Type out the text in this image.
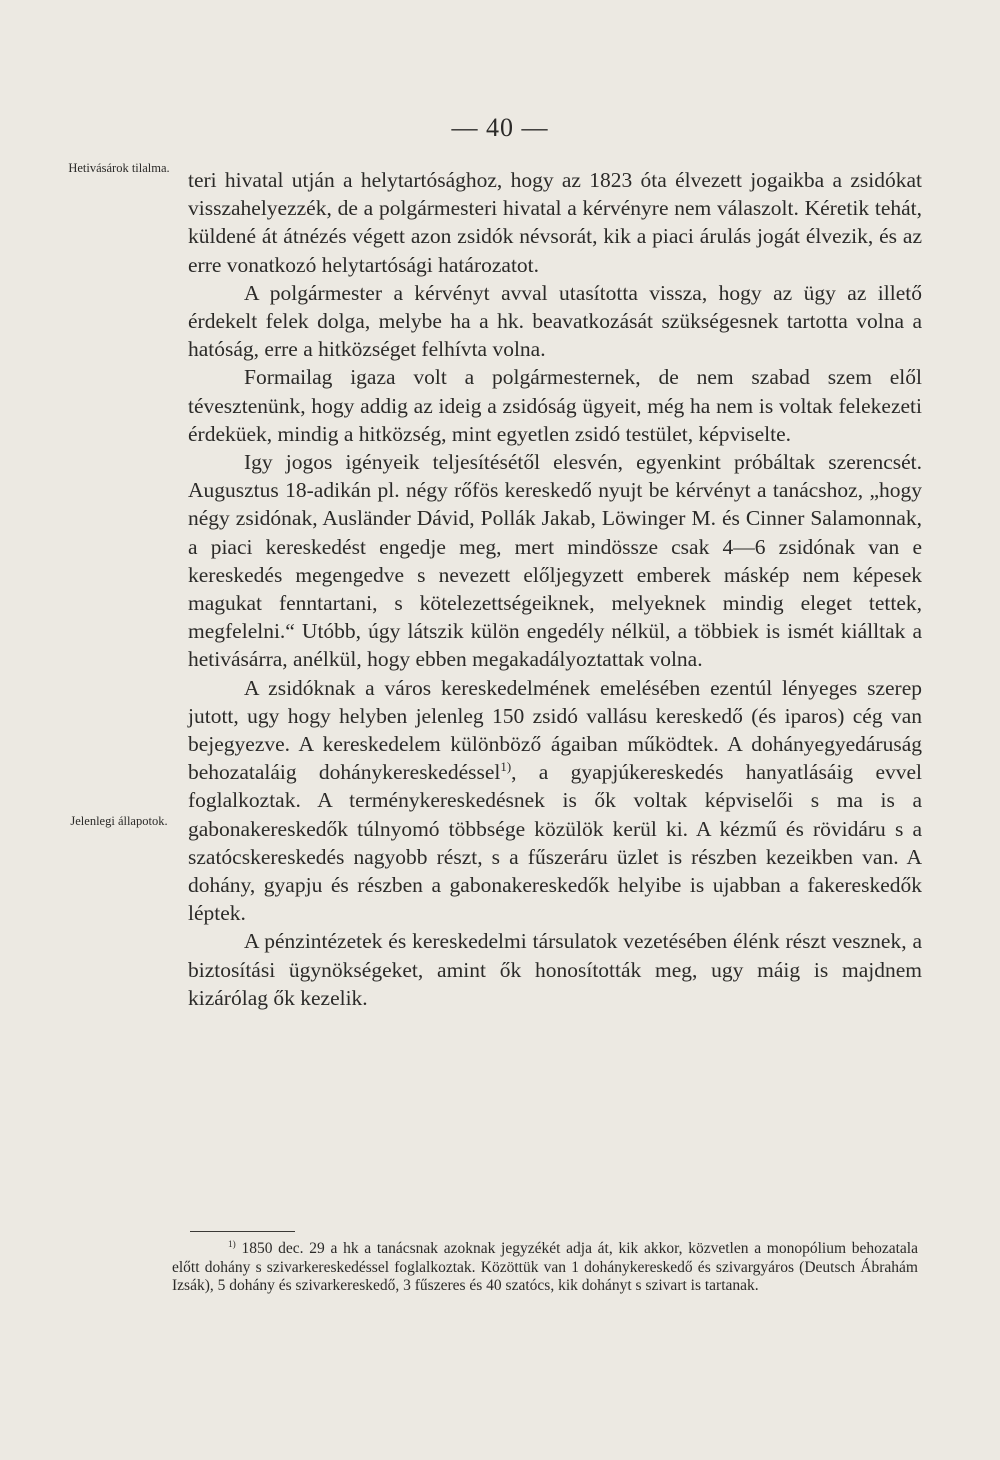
— 40 —
Hetivásárok tilalma.
Jelenlegi állapotok.

teri hivatal utján a helytartósághoz, hogy az 1823 óta élvezett jogaikba a zsidókat visszahelyezzék, de a polgármesteri hivatal a kérvényre nem válaszolt. Kéretik tehát, küldené át átnézés végett azon zsidók névsorát, kik a piaci árulás jogát élvezik, és az erre vonatkozó helytartósági határozatot.

A polgármester a kérvényt avval utasította vissza, hogy az ügy az illető érdekelt felek dolga, melybe ha a hk. beavatkozását szükségesnek tartotta volna a hatóság, erre a hitközséget felhívta volna.

Formailag igaza volt a polgármesternek, de nem szabad szem elől tévesztenünk, hogy addig az ideig a zsidóság ügyeit, még ha nem is voltak felekezeti érdeküek, mindig a hitközség, mint egyetlen zsidó testület, képviselte.

Igy jogos igényeik teljesítésétől elesvén, egyenkint próbáltak szerencsét. Augusztus 18-adikán pl. négy rőfös kereskedő nyujt be kérvényt a tanácshoz, „hogy négy zsidónak, Ausländer Dávid, Pollák Jakab, Löwinger M. és Cinner Salamonnak, a piaci kereskedést engedje meg, mert mindössze csak 4—6 zsidónak van e kereskedés megengedve s nevezett előljegyzett emberek máskép nem képesek magukat fenntartani, s kötelezettségeiknek, melyeknek mindig eleget tettek, megfelelni.“ Utóbb, úgy látszik külön engedély nélkül, a többiek is ismét kiálltak a hetivásárra, anélkül, hogy ebben megakadályoztattak volna.

A zsidóknak a város kereskedelmének emelésében ezentúl lényeges szerep jutott, ugy hogy helyben jelenleg 150 zsidó vallásu kereskedő (és iparos) cég van bejegyezve. A kereskedelem különböző ágaiban működtek. A dohányegyedáruság behozataláig dohánykereskedéssel$^{1)}$, a gyapjúkereskedés hanyatlásáig evvel foglalkoztak. A terménykereskedésnek is ők voltak képviselői s ma is a gabonakereskedők túlnyomó többsége közülök kerül ki. A kézmű és rövidáru s a szatócskereskedés nagyobb részt, s a fűszeráru üzlet is részben kezeikben van. A dohány, gyapju és részben a gabonakereskedők helyibe is ujabban a fakereskedők léptek.

A pénzintézetek és kereskedelmi társulatok vezetésében élénk részt vesznek, a biztosítási ügynökségeket, amint ők honosították meg, ugy máig is majdnem kizárólag ők kezelik.

$^{1)}$ 1850 dec. 29 a hk a tanácsnak azoknak jegyzékét adja át, kik akkor, közvetlen a monopólium behozatala előtt dohány s szivarkereskedéssel foglalkoztak. Közöttük van 1 dohánykereskedő és szivargyáros (Deutsch Ábrahám Izsák), 5 dohány és szivarkereskedő, 3 fűszeres és 40 szatócs, kik dohányt s szivart is tartanak.
